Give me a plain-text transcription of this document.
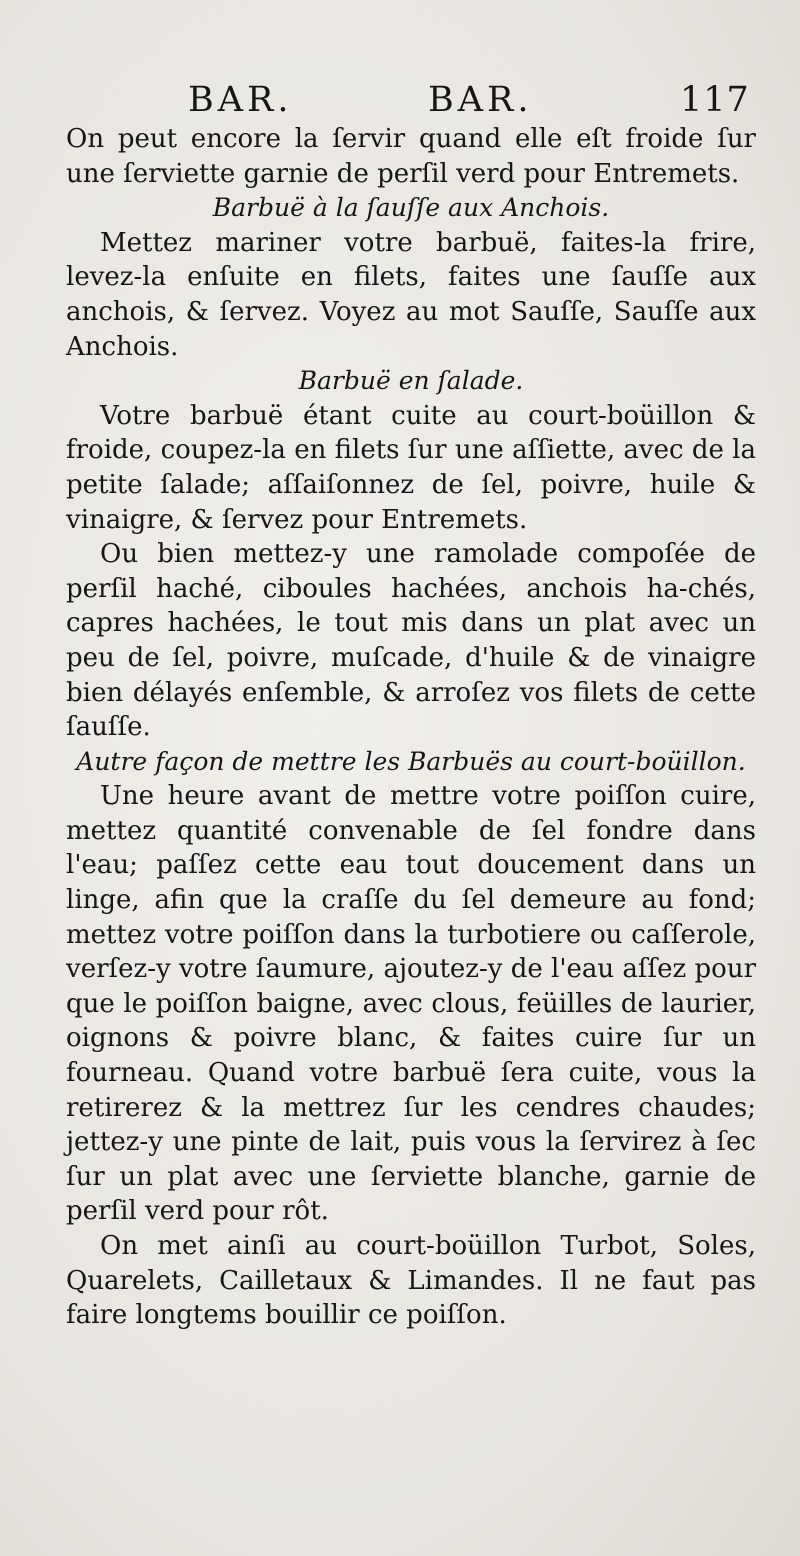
BAR.	BAR.	117

On peut encore la ſervir quand elle eſt froide ſur une ſerviette garnie de perſil verd pour Entremets.

Barbuë à la ſauſſe aux Anchois.

Mettez mariner votre barbuë, faites-la frire, levez-la enſuite en filets, faites une ſauſſe aux anchois, & ſervez. Voyez au mot Sauſſe, Sauſſe aux Anchois.

Barbuë en ſalade.

Votre barbuë étant cuite au court-boüillon & froide, coupez-la en filets ſur une aſſiette, avec de la petite ſalade; aſſaiſonnez de ſel, poivre, huile & vinaigre, & ſervez pour Entremets.

Ou bien mettez-y une ramolade compoſée de perſil haché, ciboules hachées, anchois ha-chés, capres hachées, le tout mis dans un plat avec un peu de ſel, poivre, muſcade, d'huile & de vinaigre bien délayés enſemble, & arroſez vos filets de cette ſauſſe.

Autre façon de mettre les Barbuës au court-boüillon.

Une heure avant de mettre votre poiſſon cuire, mettez quantité convenable de ſel fondre dans l'eau; paſſez cette eau tout doucement dans un linge, afin que la craſſe du ſel demeure au fond; mettez votre poiſſon dans la turbotiere ou caſſerole, verſez-y votre ſaumure, ajoutez-y de l'eau aſſez pour que le poiſſon baigne, avec clous, feüilles de laurier, oignons & poivre blanc, & faites cuire ſur un fourneau. Quand votre barbuë ſera cuite, vous la retirerez & la mettrez ſur les cendres chaudes; jettez-y une pinte de lait, puis vous la ſervirez à ſec ſur un plat avec une ſerviette blanche, garnie de perſil verd pour rôt.

On met ainſi au court-boüillon Turbot, Soles, Quarelets, Cailletaux & Limandes. Il ne faut pas faire longtems bouillir ce poiſſon.
